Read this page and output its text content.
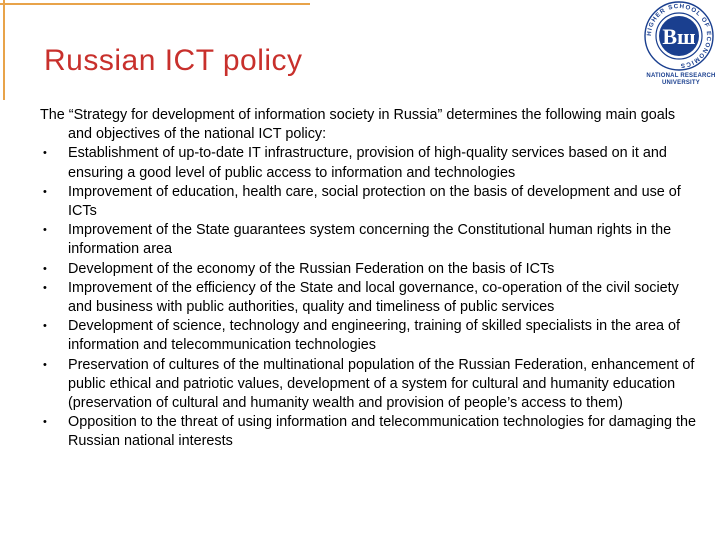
Russian ICT policy
HIGHER SCHOOL OF ECONOMICS
Вш
NATIONAL RESEARCH
UNIVERSITY

The “Strategy for development of information society in Russia” determines the following main goals and objectives of the national ICT policy:

• Establishment of up-to-date IT infrastructure, provision of high-quality services based on it and ensuring a good level of public access to information and technologies
• Improvement of education, health care, social protection on the basis of development and use of ICTs
• Improvement of the State guarantees system concerning the Constitutional human rights in the information area
• Development of the economy of the Russian Federation on the basis of ICTs
• Improvement of the efficiency of the State and local governance, co-operation of the civil society and business with public authorities, quality and timeliness of public services
• Development of science, technology and engineering, training of skilled specialists in the area of information and telecommunication technologies
• Preservation of cultures of the multinational population of the Russian Federation, enhancement of public ethical and patriotic values, development of a system for cultural and humanity education (preservation of cultural and humanity wealth and provision of people’s access to them)
• Opposition to the threat of using information and telecommunication technologies for damaging the Russian national interests
